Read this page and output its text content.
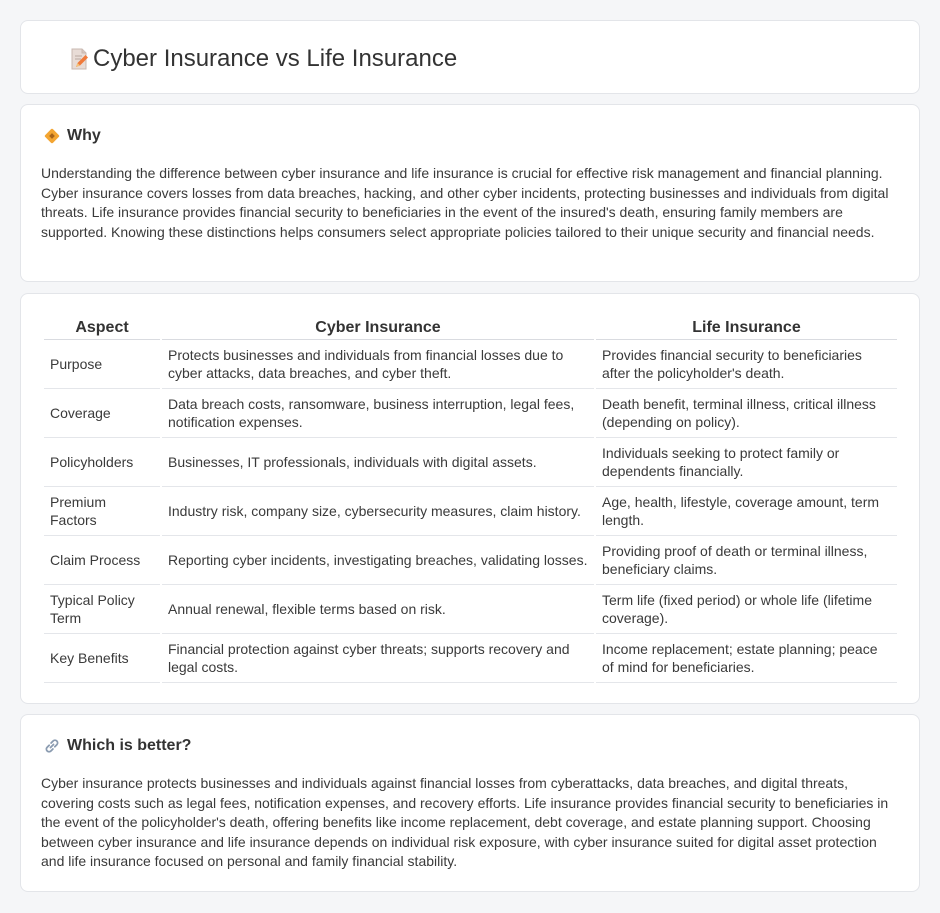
Cyber Insurance vs Life Insurance
Why

Understanding the difference between cyber insurance and life insurance is crucial for effective risk management and financial planning. Cyber insurance covers losses from data breaches, hacking, and other cyber incidents, protecting businesses and individuals from digital threats. Life insurance provides financial security to beneficiaries in the event of the insured's death, ensuring family members are supported. Knowing these distinctions helps consumers select appropriate policies tailored to their unique security and financial needs.

Aspect	Cyber Insurance	Life Insurance
Purpose	Protects businesses and individuals from financial losses due to cyber attacks, data breaches, and cyber theft.	Provides financial security to beneficiaries after the policyholder's death.
Coverage	Data breach costs, ransomware, business interruption, legal fees, notification expenses.	Death benefit, terminal illness, critical illness (depending on policy).
Policyholders	Businesses, IT professionals, individuals with digital assets.	Individuals seeking to protect family or dependents financially.
Premium Factors	Industry risk, company size, cybersecurity measures, claim history.	Age, health, lifestyle, coverage amount, term length.
Claim Process	Reporting cyber incidents, investigating breaches, validating losses.	Providing proof of death or terminal illness, beneficiary claims.
Typical Policy Term	Annual renewal, flexible terms based on risk.	Term life (fixed period) or whole life (lifetime coverage).
Key Benefits	Financial protection against cyber threats; supports recovery and legal costs.	Income replacement; estate planning; peace of mind for beneficiaries.
Which is better?

Cyber insurance protects businesses and individuals against financial losses from cyberattacks, data breaches, and digital threats, covering costs such as legal fees, notification expenses, and recovery efforts. Life insurance provides financial security to beneficiaries in the event of the policyholder's death, offering benefits like income replacement, debt coverage, and estate planning support. Choosing between cyber insurance and life insurance depends on individual risk exposure, with cyber insurance suited for digital asset protection and life insurance focused on personal and family financial stability.
